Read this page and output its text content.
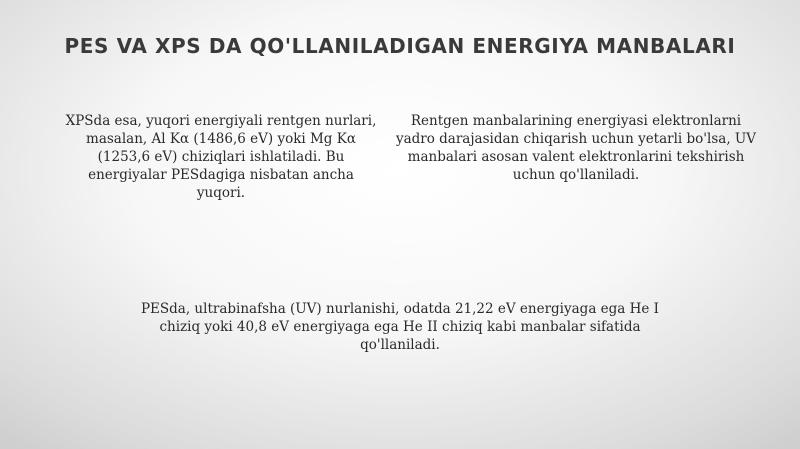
PES VA XPS DA QO'LLANILADIGAN ENERGIYA MANBALARI

XPSda esa, yuqori energiyali rentgen nurlari, masalan, Al Kα (1486,6 eV) yoki Mg Kα (1253,6 eV) chiziqlari ishlatiladi. Bu energiyalar PESdagiga nisbatan ancha yuqori.

Rentgen manbalarining energiyasi elektronlarni yadro darajasidan chiqarish uchun yetarli bo'lsa, UV manbalari asosan valent elektronlarini tekshirish uchun qo'llaniladi.

PESda, ultrabinafsha (UV) nurlanishi, odatda 21,22 eV energiyaga ega He I chiziq yoki 40,8 eV energiyaga ega He II chiziq kabi manbalar sifatida qo'llaniladi.
